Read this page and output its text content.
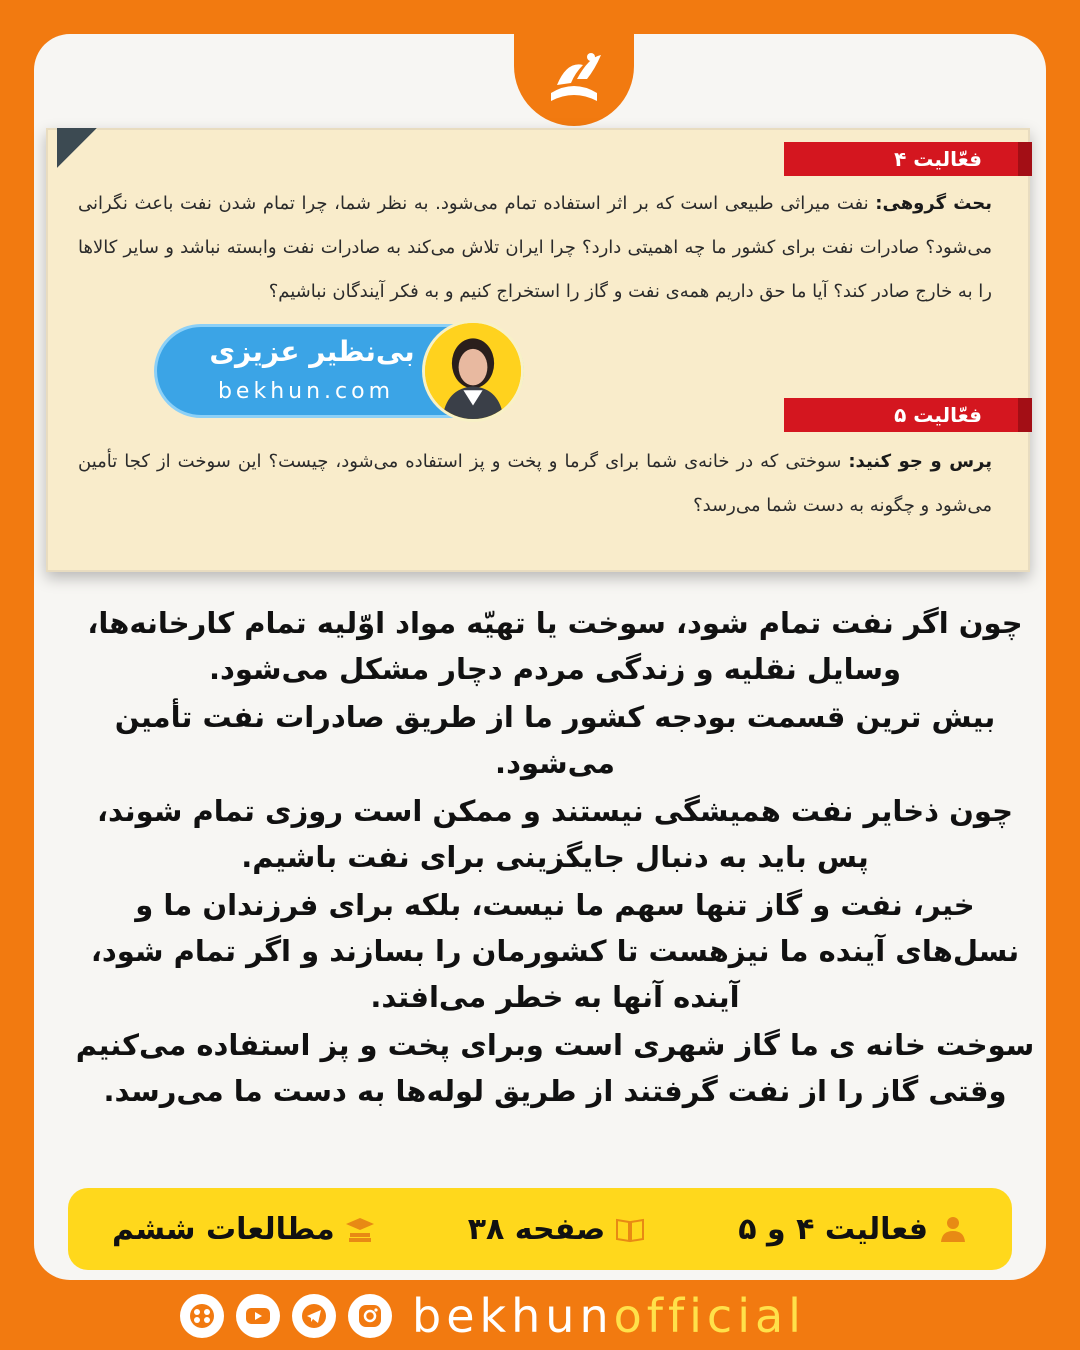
فعّالیت ۴
بحث گروهی: نفت میراثی طبیعی است که بر اثر استفاده تمام می‌شود. به نظر شما، چرا تمام شدن نفت باعث نگرانی می‌شود؟ صادرات نفت برای کشور ما چه اهمیتی دارد؟ چرا ایران تلاش می‌کند به صادرات نفت وابسته نباشد و سایر کالاها را به خارج صادر کند؟ آیا ما حق داریم همه‌ی نفت و گاز را استخراج کنیم و به فکر آیندگان نباشیم؟
فعّالیت ۵
پرس و جو کنید: سوختی که در خانه‌ی شما برای گرما و پخت و پز استفاده می‌شود، چیست؟ این سوخت از کجا تأمین می‌شود و چگونه به دست شما می‌رسد؟
بی‌نظیر عزیزی
bekhun.com

چون اگر نفت تمام شود، سوخت یا تهیّه مواد اوّلیه تمام کارخانه‌ها، وسایل نقلیه و زندگی مردم دچار مشکل می‌شود.

بیش ترین قسمت بودجه کشور ما از طریق صادرات نفت تأمین می‌شود.

چون ذخایر نفت همیشگی نیستند و ممکن است روزی تمام شوند، پس باید به دنبال جایگزینی برای نفت باشیم.

خیر، نفت و گاز تنها سهم ما نیست، بلکه برای فرزندان ما و نسل‌های آینده ما نیزهست تا کشورمان را بسازند و اگر تمام شود، آینده آنها به خطر می‌افتد.

سوخت خانه ی ما گاز شهری است وبرای پخت و پز استفاده می‌کنیم وقتی گاز را از نفت گرفتند از طریق لوله‌ها به دست ما می‌رسد.

فعالیت ۴ و ۵
صفحه ۳۸
مطالعات ششم
bekhunofficial
